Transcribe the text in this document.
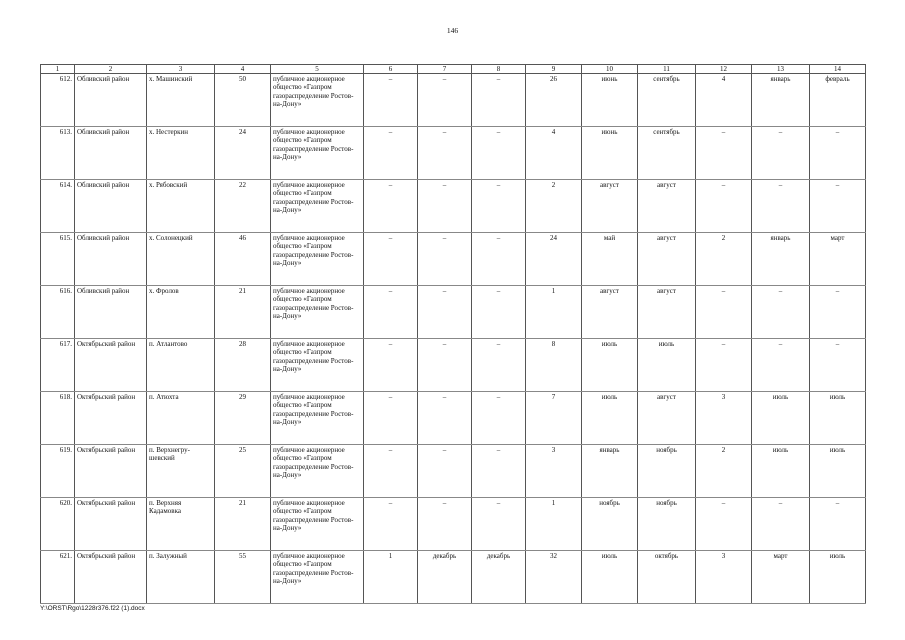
146
1	2	3	4	5	6	7	8	9	10	11	12	13	14
612.	Обливский район	х. Машинский	50	публичное акционерное общество «Газпром газораспределение Ростов-на-Дону»	–	–	–	26	июнь	сентябрь	4	январь	февраль
613.	Обливский район	х. Нестеркин	24	публичное акционерное общество «Газпром газораспределение Ростов-на-Дону»	–	–	–	4	июнь	сентябрь	–	–	–
614.	Обливский район	х. Рябовский	22	публичное акционерное общество «Газпром газораспределение Ростов-на-Дону»	–	–	–	2	август	август	–	–	–
615.	Обливский район	х. Солонецкий	46	публичное акционерное общество «Газпром газораспределение Ростов-на-Дону»	–	–	–	24	май	август	2	январь	март
616.	Обливский район	х. Фролов	21	публичное акционерное общество «Газпром газораспределение Ростов-на-Дону»	–	–	–	1	август	август	–	–	–
617.	Октябрьский район	п. Атлантово	28	публичное акционерное общество «Газпром газораспределение Ростов-на-Дону»	–	–	–	8	июль	июль	–	–	–
618.	Октябрьский район	п. Атюхта	29	публичное акционерное общество «Газпром газораспределение Ростов-на-Дону»	–	–	–	7	июль	август	3	июль	июль
619.	Октябрьский район	п. Верхнегру-шевский	25	публичное акционерное общество «Газпром газораспределение Ростов-на-Дону»	–	–	–	3	январь	ноябрь	2	июль	июль
620.	Октябрьский район	п. Верхняя Кадамовка	21	публичное акционерное общество «Газпром газораспределение Ростов-на-Дону»	–	–	–	1	ноябрь	ноябрь	–	–	–
621.	Октябрьский район	п. Залужный	55	публичное акционерное общество «Газпром газораспределение Ростов-на-Дону»	1	декабрь	декабрь	32	июль	октябрь	3	март	июль
Y:\ORST\Rgo\1228r376.f22 (1).docx
